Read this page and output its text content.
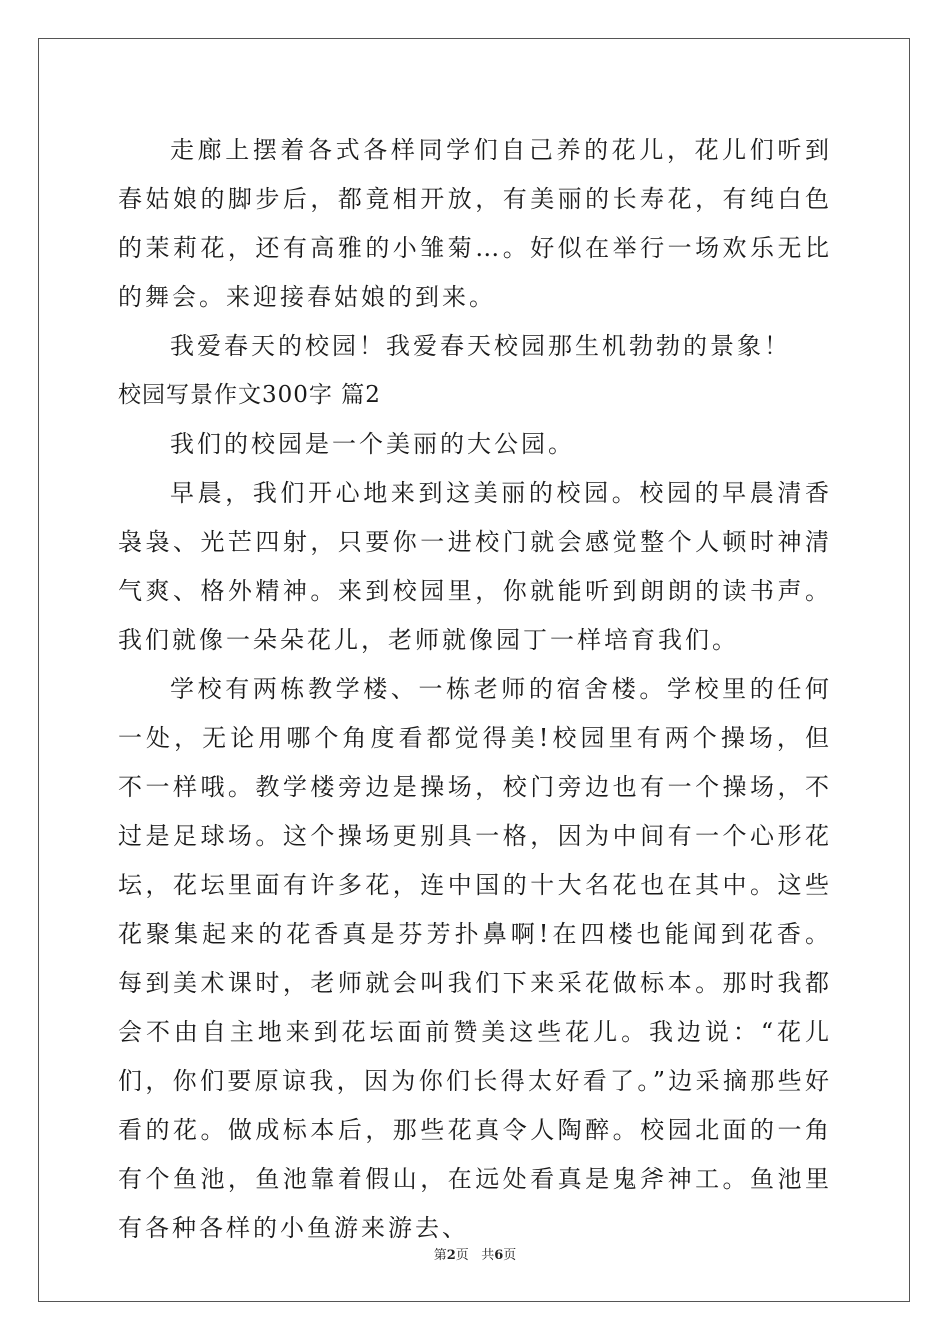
走廊上摆着各式各样同学们自己养的花儿，花儿们听到春姑娘的脚步后，都竟相开放，有美丽的长寿花，有纯白色的茉莉花，还有高雅的小雏菊…。好似在举行一场欢乐无比的舞会。来迎接春姑娘的到来。

我爱春天的校园！我爱春天校园那生机勃勃的景象！

校园写景作文300字 篇2

我们的校园是一个美丽的大公园。

早晨，我们开心地来到这美丽的校园。校园的早晨清香袅袅、光芒四射，只要你一进校门就会感觉整个人顿时神清气爽、格外精神。来到校园里，你就能听到朗朗的读书声。我们就像一朵朵花儿，老师就像园丁一样培育我们。

学校有两栋教学楼、一栋老师的宿舍楼。学校里的任何一处，无论用哪个角度看都觉得美!校园里有两个操场，但不一样哦。教学楼旁边是操场，校门旁边也有一个操场，不过是足球场。这个操场更别具一格，因为中间有一个心形花坛，花坛里面有许多花，连中国的十大名花也在其中。这些花聚集起来的花香真是芬芳扑鼻啊!在四楼也能闻到花香。每到美术课时，老师就会叫我们下来采花做标本。那时我都会不由自主地来到花坛面前赞美这些花儿。我边说：“花儿们，你们要原谅我，因为你们长得太好看了。”边采摘那些好看的花。做成标本后，那些花真令人陶醉。校园北面的一角有个鱼池，鱼池靠着假山，在远处看真是鬼斧神工。鱼池里有各种各样的小鱼游来游去、

第2页 共6页
